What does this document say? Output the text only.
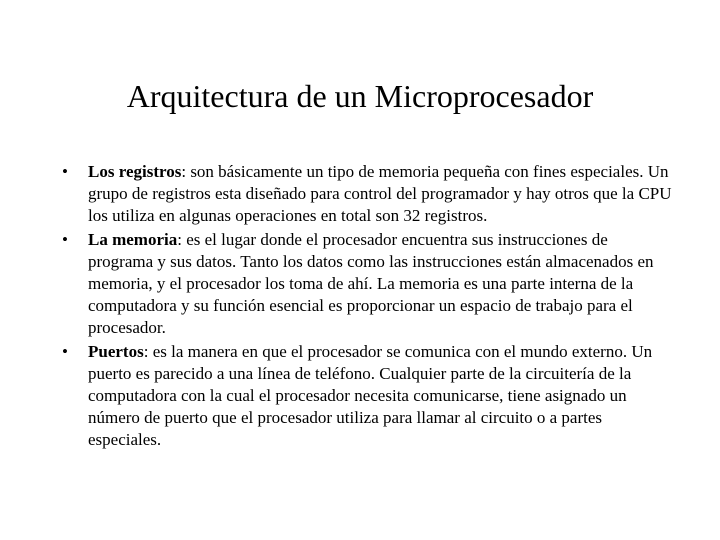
Arquitectura de un Microprocesador
•	Los registros: son básicamente un tipo de memoria pequeña con fines especiales. Un grupo de registros esta diseñado para control del programador y hay otros que la CPU los utiliza en algunas operaciones en total son 32 registros.
•	La memoria: es el lugar donde el procesador encuentra sus instrucciones de programa y sus datos. Tanto los datos como las instrucciones están almacenados en memoria, y el procesador los toma de ahí. La memoria es una parte interna de la computadora y su función esencial es proporcionar un espacio de trabajo para el procesador.
•	Puertos: es la manera en que el procesador se comunica con el mundo externo. Un puerto es parecido a una línea de teléfono. Cualquier parte de la circuitería de la computadora con la cual el procesador necesita comunicarse, tiene asignado un número de puerto que el procesador utiliza para llamar al circuito o a partes especiales.
